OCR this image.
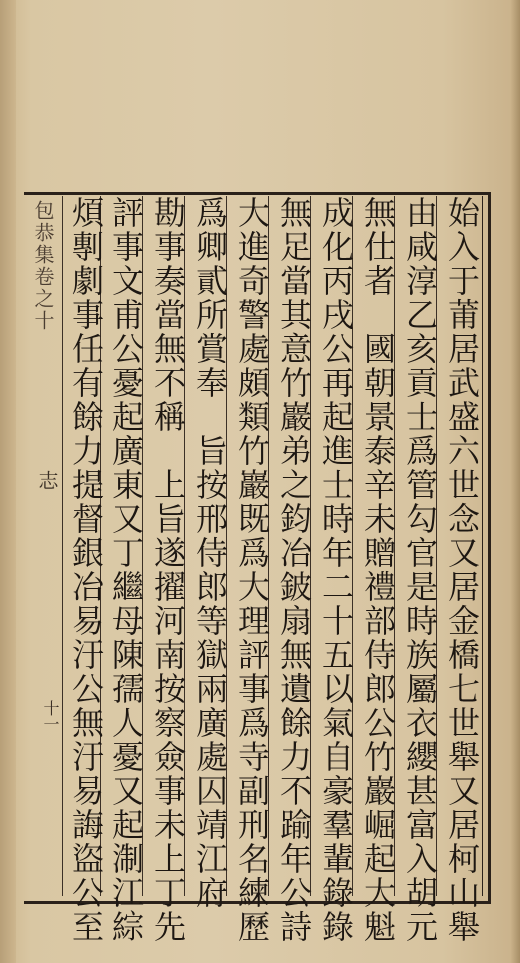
包恭集卷之十
志
十一	始入于莆居武盛六世念又居金橋七世舉又居柯山舉
由咸淳乙亥貢士爲管勾官是時族屬衣纓甚富入胡元
無仕者　國朝景泰辛未贈禮部侍郎公竹巖崛起大魁
成化丙戌公再起進士時年二十五以氣自豪羣輩錄錄
無足當其意竹巖弟之鈞冶鈹扇無遺餘力不踰年公詩
大進奇警處頗類竹巖既爲大理評事爲寺副刑名練歷
爲卿貳所賞奉　旨按邢侍郎等獄兩廣處囚靖江府
勘事奏當無不稱　上旨遂擢河南按察僉事未上丁先
評事文甫公憂起廣東又丁繼母陳孺人憂又起淛江綜
煩剸劇事任有餘力提督銀冶易汙公無汙易誨盜公至
